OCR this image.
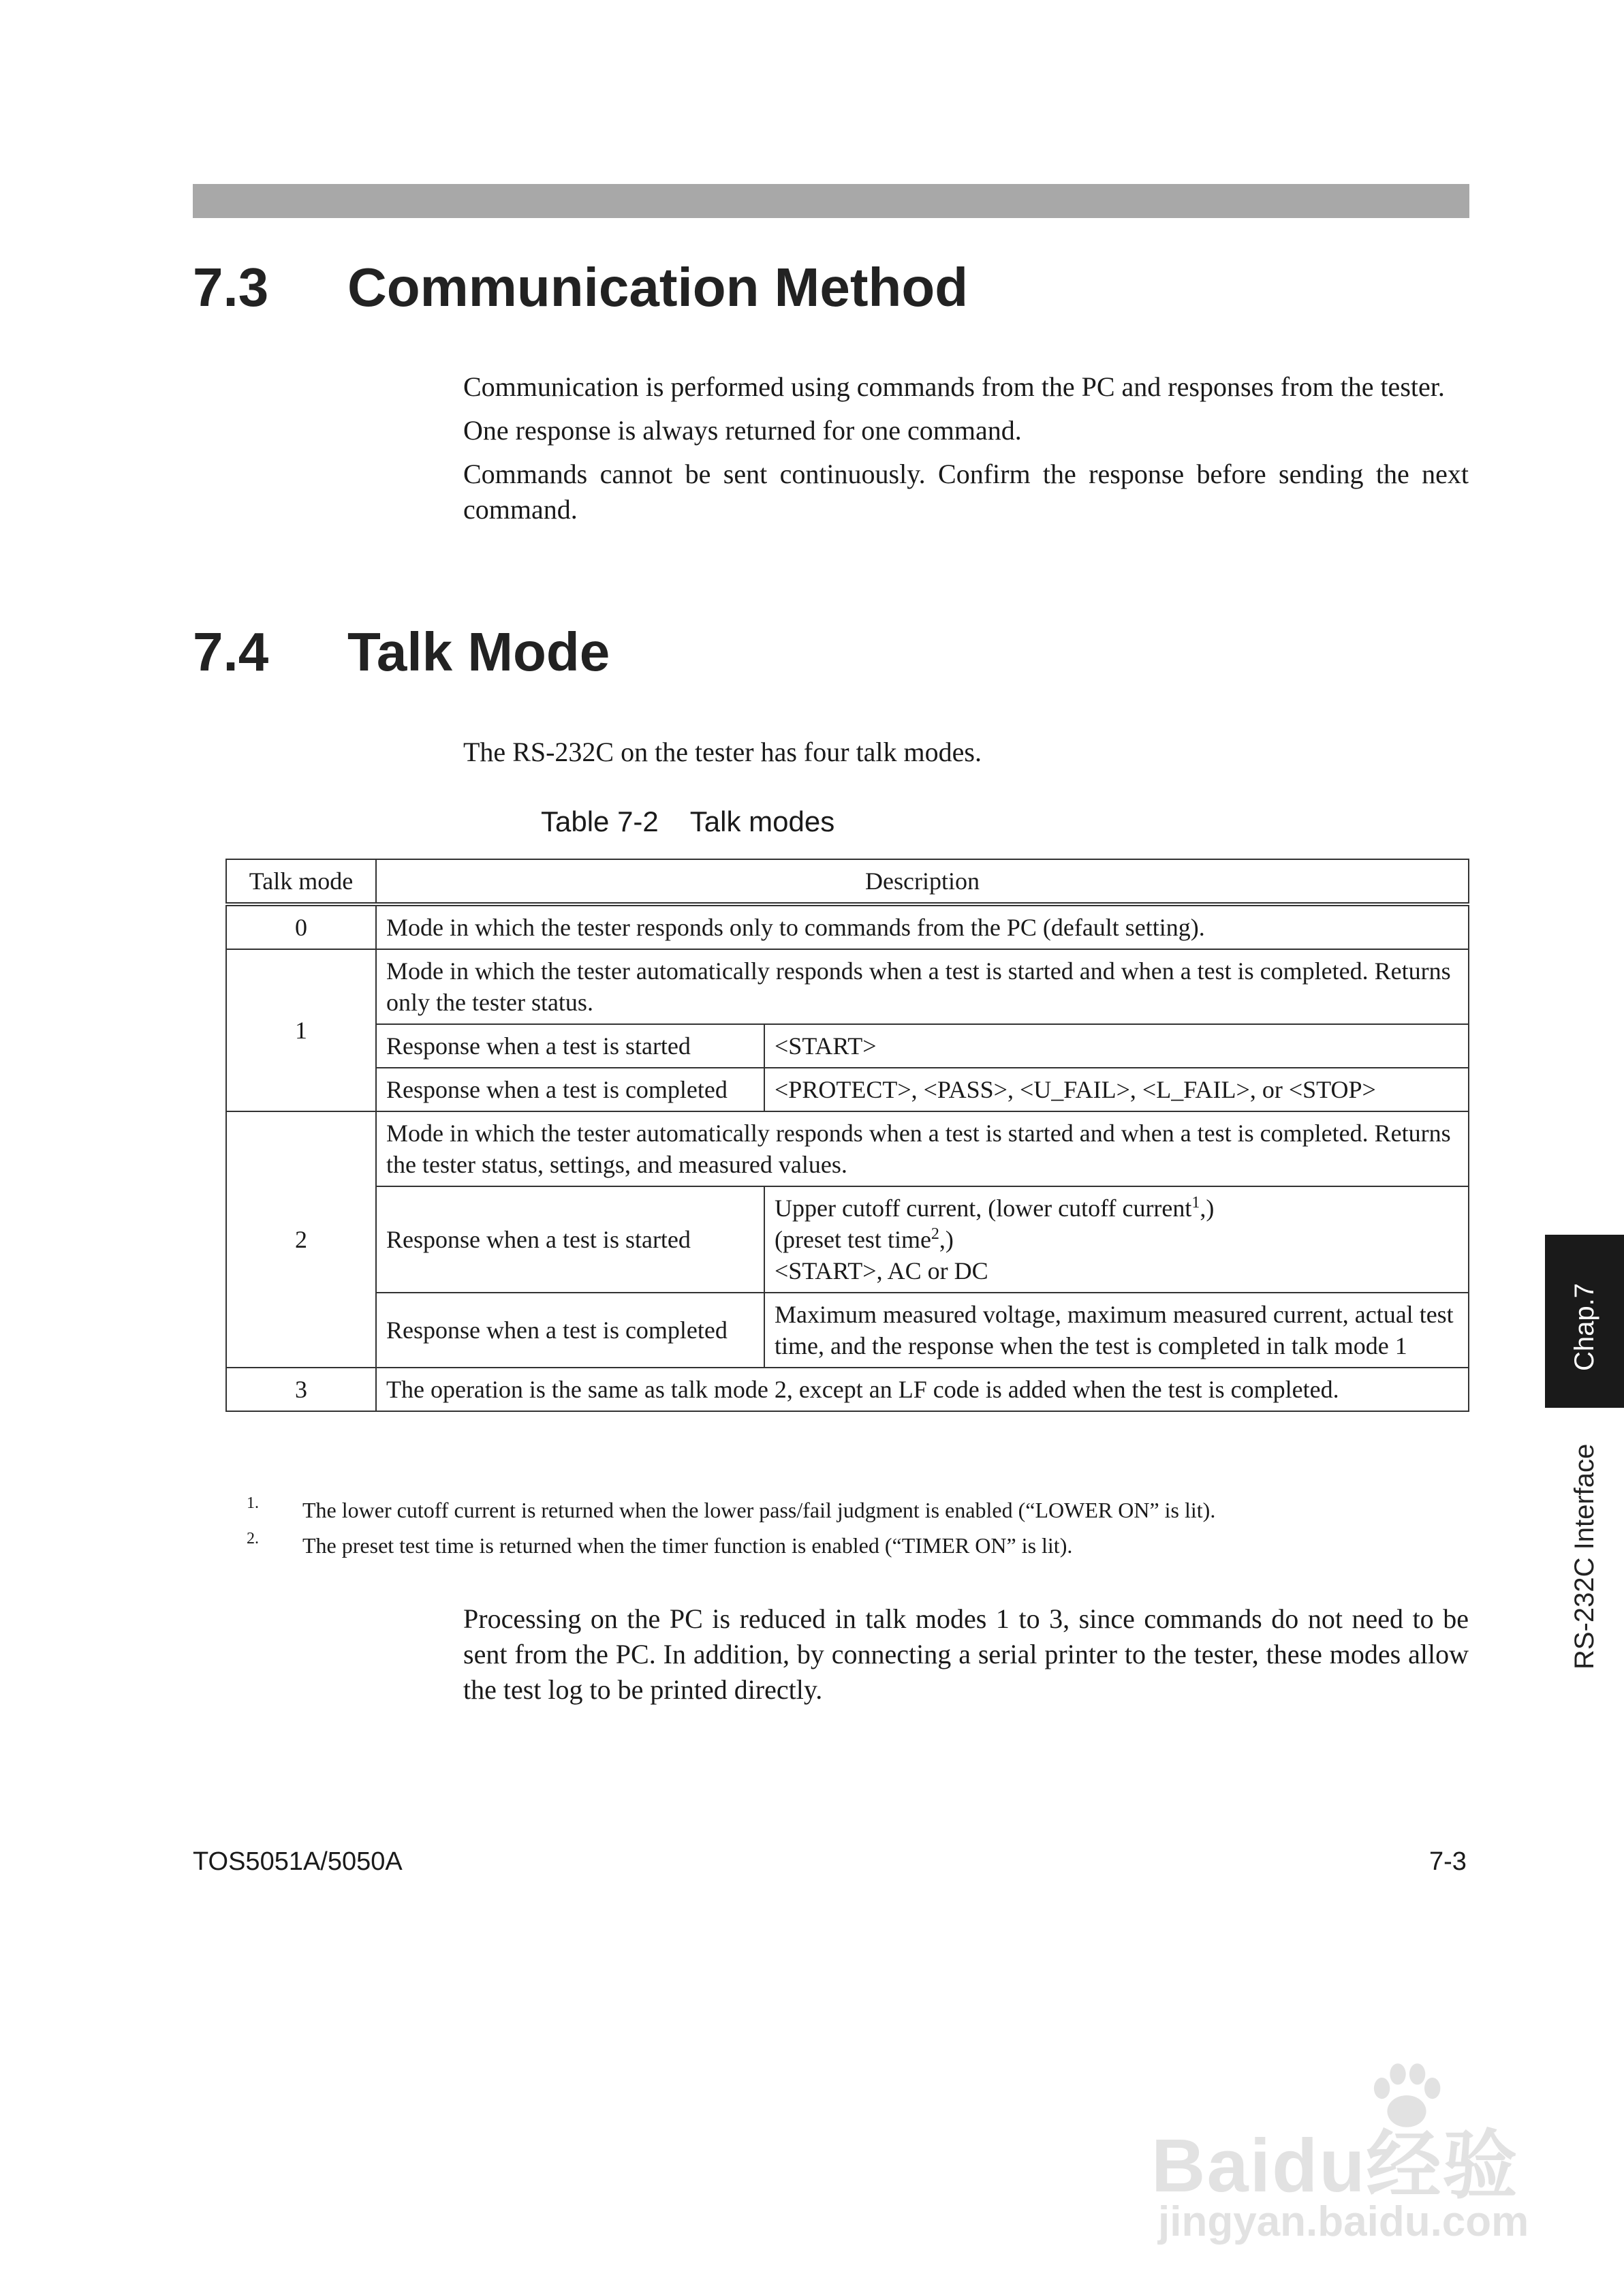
7.3 Communication Method

Communication is performed using commands from the PC and responses from the tester.

One response is always returned for one command.

Commands cannot be sent continuously. Confirm the response before sending the next command.

7.4 Talk Mode

The RS-232C on the tester has four talk modes.

Table 7-2 Talk modes

Talk mode	Description	
0	Mode in which the tester responds only to commands from the PC (default setting).	
1	Mode in which the tester automatically responds when a test is started and when a test is completed. Returns only the tester status.	
	Response when a test is started	<START>
	Response when a test is completed	<PROTECT>, <PASS>, <U_FAIL>, <L_FAIL>, or <STOP>
2	Mode in which the tester automatically responds when a test is started and when a test is completed. Returns the tester status, settings, and measured values.	
	Response when a test is started	Upper cutoff current, (lower cutoff current$^1$,)
(preset test time$^2$,)
<START>, AC or DC

	Response when a test is completed	Maximum measured voltage, maximum measured current, actual test time, and the response when the test is completed in talk mode 1
3	The operation is the same as talk mode 2, except an LF code is added when the test is completed.	
1. The lower cutoff current is returned when the lower pass/fail judgment is enabled (“LOWER ON” is lit).
2. The preset test time is returned when the timer function is enabled (“TIMER ON” is lit).

Processing on the PC is reduced in talk modes 1 to 3, since commands do not need to be sent from the PC. In addition, by connecting a serial printer to the tester, these modes allow the test log to be printed directly.

TOS5051A/5050A	7-3

Chap.7
RS-232C Interface
Baidu经验
jingyan.baidu.com
